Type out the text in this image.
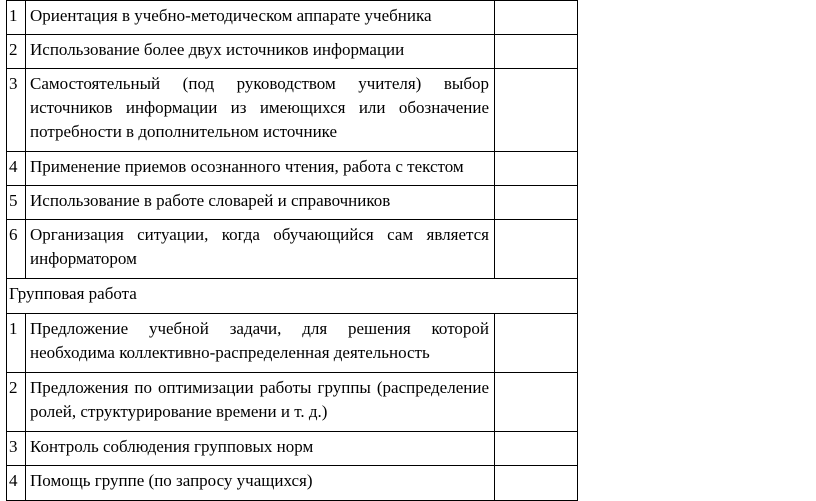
1	Ориентация в учебно-методическом аппарате учебника	
2	Использование более двух источников информации	
3	Самостоятельный (под руководством учителя) выбор источников информации из имеющихся или обозначение потребности в дополнительном источнике	
4	Применение приемов осознанного чтения, работа с текстом	
5	Использование в работе словарей и справочников	
6	Организация ситуации, когда обучающийся сам является информатором	
Групповая работа		
1	Предложение учебной задачи, для решения которой необходима коллективно-распределенная деятельность	
2	Предложения по оптимизации работы группы (распределение ролей, структурирование времени и т. д.)	
3	Контроль соблюдения групповых норм	
4	Помощь группе (по запросу учащихся)	
